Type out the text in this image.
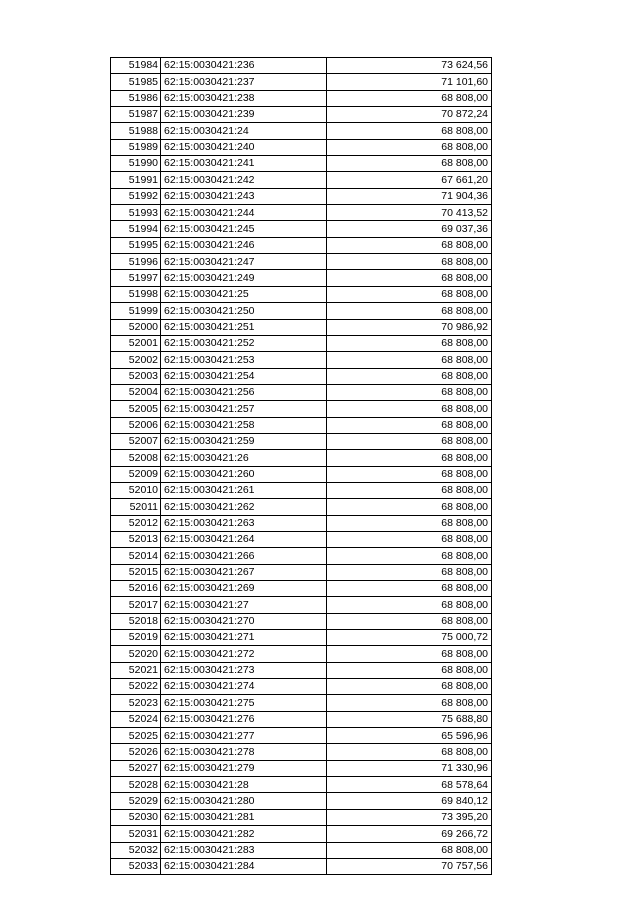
51984	62:15:0030421:236	73 624,56
51985	62:15:0030421:237	71 101,60
51986	62:15:0030421:238	68 808,00
51987	62:15:0030421:239	70 872,24
51988	62:15:0030421:24	68 808,00
51989	62:15:0030421:240	68 808,00
51990	62:15:0030421:241	68 808,00
51991	62:15:0030421:242	67 661,20
51992	62:15:0030421:243	71 904,36
51993	62:15:0030421:244	70 413,52
51994	62:15:0030421:245	69 037,36
51995	62:15:0030421:246	68 808,00
51996	62:15:0030421:247	68 808,00
51997	62:15:0030421:249	68 808,00
51998	62:15:0030421:25	68 808,00
51999	62:15:0030421:250	68 808,00
52000	62:15:0030421:251	70 986,92
52001	62:15:0030421:252	68 808,00
52002	62:15:0030421:253	68 808,00
52003	62:15:0030421:254	68 808,00
52004	62:15:0030421:256	68 808,00
52005	62:15:0030421:257	68 808,00
52006	62:15:0030421:258	68 808,00
52007	62:15:0030421:259	68 808,00
52008	62:15:0030421:26	68 808,00
52009	62:15:0030421:260	68 808,00
52010	62:15:0030421:261	68 808,00
52011	62:15:0030421:262	68 808,00
52012	62:15:0030421:263	68 808,00
52013	62:15:0030421:264	68 808,00
52014	62:15:0030421:266	68 808,00
52015	62:15:0030421:267	68 808,00
52016	62:15:0030421:269	68 808,00
52017	62:15:0030421:27	68 808,00
52018	62:15:0030421:270	68 808,00
52019	62:15:0030421:271	75 000,72
52020	62:15:0030421:272	68 808,00
52021	62:15:0030421:273	68 808,00
52022	62:15:0030421:274	68 808,00
52023	62:15:0030421:275	68 808,00
52024	62:15:0030421:276	75 688,80
52025	62:15:0030421:277	65 596,96
52026	62:15:0030421:278	68 808,00
52027	62:15:0030421:279	71 330,96
52028	62:15:0030421:28	68 578,64
52029	62:15:0030421:280	69 840,12
52030	62:15:0030421:281	73 395,20
52031	62:15:0030421:282	69 266,72
52032	62:15:0030421:283	68 808,00
52033	62:15:0030421:284	70 757,56
